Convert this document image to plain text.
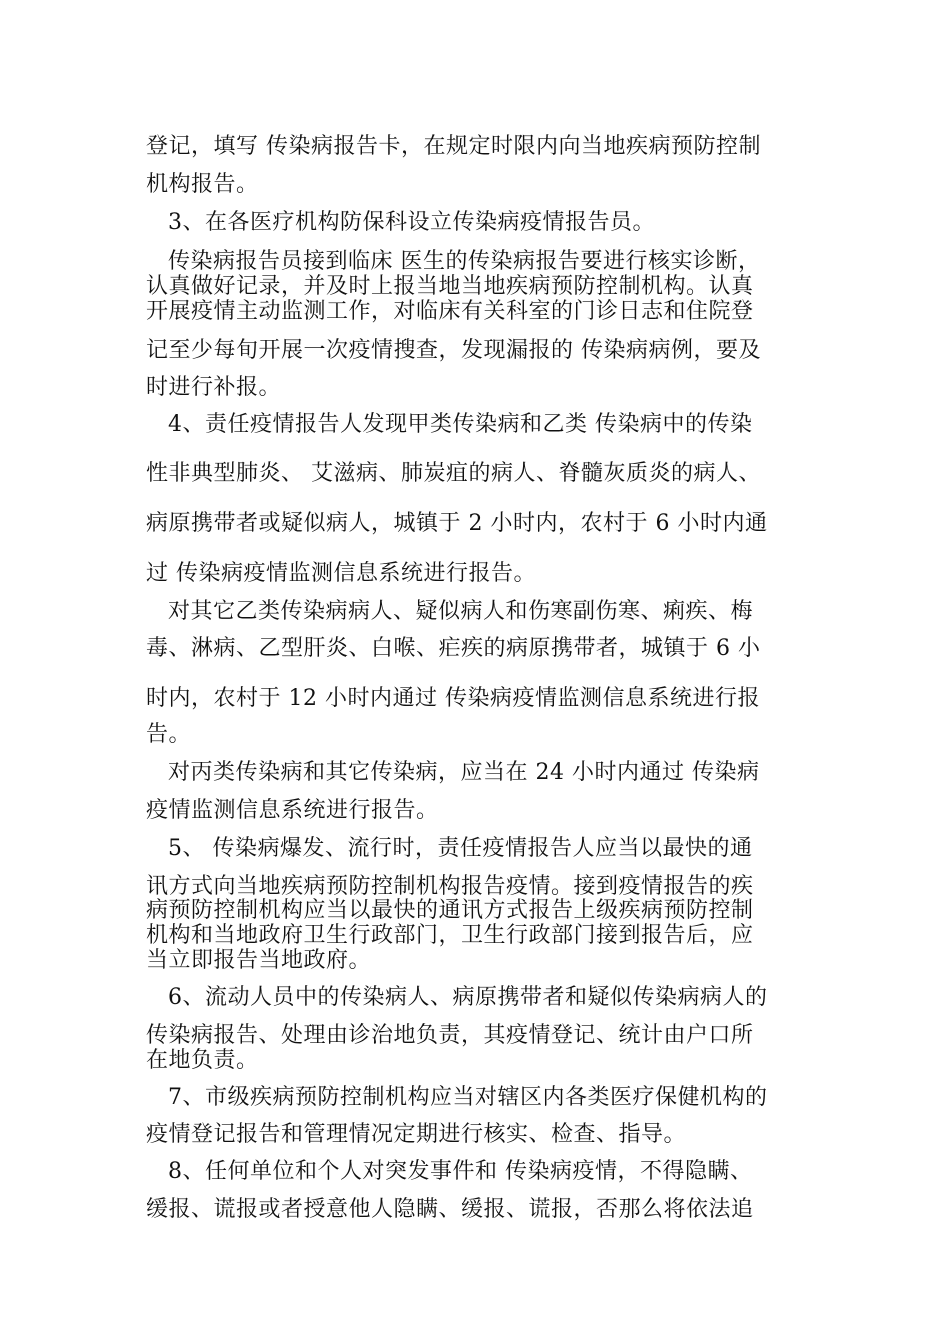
登记，填写 传染病报告卡，在规定时限内向当地疾病预防控制
机构报告。
3、在各医疗机构防保科设立传染病疫情报告员。
传染病报告员接到临床 医生的传染病报告要进行核实诊断，
认真做好记录，并及时上报当地当地疾病预防控制机构。认真
开展疫情主动监测工作，对临床有关科室的门诊日志和住院登
记至少每旬开展一次疫情搜查，发现漏报的 传染病病例，要及
时进行补报。
4、责任疫情报告人发现甲类传染病和乙类 传染病中的传染
性非典型肺炎、 艾滋病、肺炭疽的病人、脊髓灰质炎的病人、
病原携带者或疑似病人，城镇于 2 小时内，农村于 6 小时内通
过 传染病疫情监测信息系统进行报告。
对其它乙类传染病病人、疑似病人和伤寒副伤寒、痢疾、梅
毒、淋病、乙型肝炎、白喉、疟疾的病原携带者，城镇于 6 小
时内，农村于 12 小时内通过 传染病疫情监测信息系统进行报
告。
对丙类传染病和其它传染病，应当在 24 小时内通过 传染病
疫情监测信息系统进行报告。
5、 传染病爆发、流行时，责任疫情报告人应当以最快的通
讯方式向当地疾病预防控制机构报告疫情。接到疫情报告的疾
病预防控制机构应当以最快的通讯方式报告上级疾病预防控制
机构和当地政府卫生行政部门，卫生行政部门接到报告后，应
当立即报告当地政府。
6、流动人员中的传染病人、病原携带者和疑似传染病病人的
传染病报告、处理由诊治地负责，其疫情登记、统计由户口所
在地负责。
7、市级疾病预防控制机构应当对辖区内各类医疗保健机构的
疫情登记报告和管理情况定期进行核实、检查、指导。
8、任何单位和个人对突发事件和 传染病疫情，不得隐瞒、
缓报、谎报或者授意他人隐瞒、缓报、谎报，否那么将依法追
